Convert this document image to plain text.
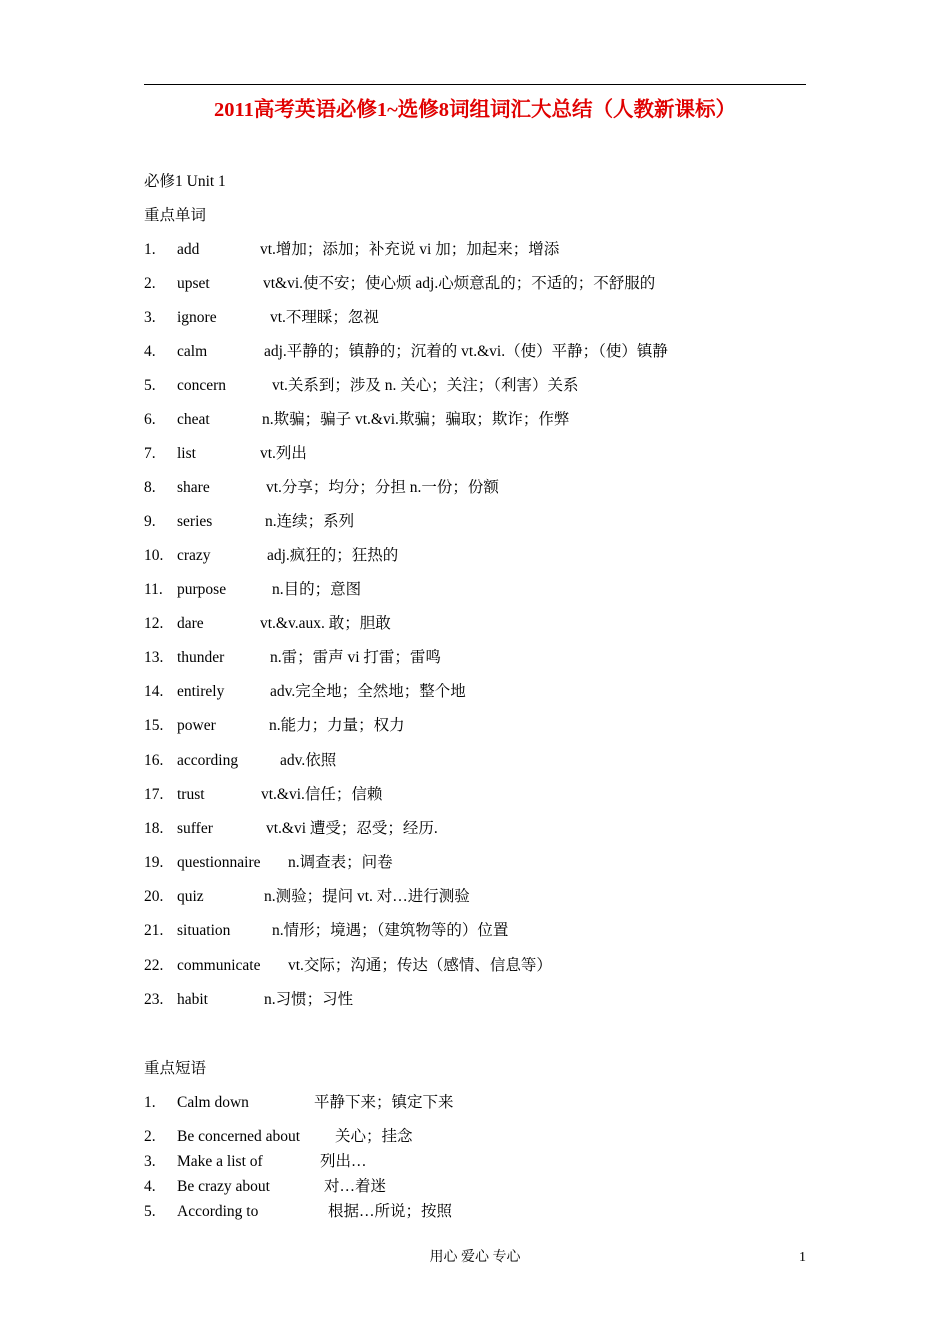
2011高考英语必修1~选修8词组词汇大总结（人教新课标）
必修1 Unit 1
重点单词
1. add	vt.增加；添加；补充说 vi 加；加起来；增添
2. upset	vt&vi.使不安；使心烦 adj.心烦意乱的；不适的；不舒服的
3. ignore	vt.不理睬；忽视
4. calm	adj.平静的；镇静的；沉着的 vt.&vi.（使）平静；（使）镇静
5. concern	vt.关系到；涉及 n. 关心；关注；（利害）关系
6. cheat	n.欺骗；骗子 vt.&vi.欺骗；骗取；欺诈；作弊
7. list	vt.列出
8. share	vt.分享；均分；分担 n.一份；份额
9. series	n.连续；系列
10. crazy	adj.疯狂的；狂热的
11. purpose	n.目的；意图
12. dare	vt.&v.aux. 敢；胆敢
13. thunder	n.雷；雷声 vi 打雷；雷鸣
14. entirely	adv.完全地；全然地；整个地
15. power	n.能力；力量；权力
16. according	adv.依照
17. trust	vt.&vi.信任；信赖
18. suffer	vt.&vi 遭受；忍受；经历.
19. questionnaire n.调查表；问卷
20. quiz	n.测验；提问 vt. 对…进行测验
21. situation	n.情形；境遇；（建筑物等的）位置
22. communicate vt.交际；沟通；传达（感情、信息等）
23. habit	n.习惯；习性
重点短语
1. Calm down	平静下来；镇定下来
2. Be concerned about 关心；挂念
3. Make a list of	列出…
4. Be crazy about	对…着迷
5. According to	根据…所说；按照
用心 爱心 专心	1
